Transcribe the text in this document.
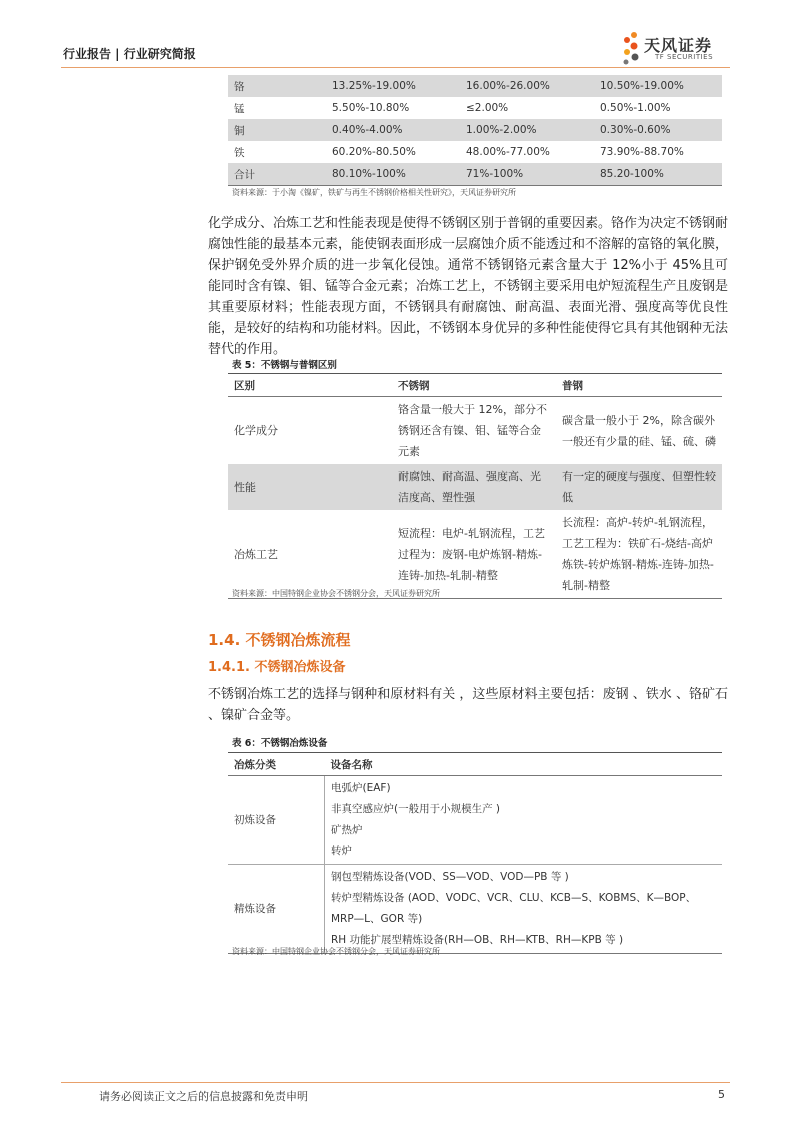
行业报告 | 行业研究简报	天风证券
TF SECURITIES
铬	13.25%-19.00%	16.00%-26.00%	10.50%-19.00%
锰	5.50%-10.80%	≤2.00%	0.50%-1.00%
铜	0.40%-4.00%	1.00%-2.00%	0.30%-0.60%
铁	60.20%-80.50%	48.00%-77.00%	73.90%-88.70%
合计	80.10%-100%	71%-100%	85.20-100%
资料来源：于小淘《镍矿，铁矿与再生不锈钢价格相关性研究》，天风证券研究所

化学成分、冶炼工艺和性能表现是使得不锈钢区别于普钢的重要因素。铬作为决定不锈钢耐腐蚀性能的最基本元素，能使钢表面形成一层腐蚀介质不能透过和不溶解的富铬的氧化膜，保护钢免受外界介质的进一步氧化侵蚀。通常不锈钢铬元素含量大于 12%小于 45%且可能同时含有镍、钼、锰等合金元素；冶炼工艺上，不锈钢主要采用电炉短流程生产且废钢是其重要原材料；性能表现方面，不锈钢具有耐腐蚀、耐高温、表面光滑、强度高等优良性能，是较好的结构和功能材料。因此，不锈钢本身优异的多种性能使得它具有其他钢种无法替代的作用。

表 5：不锈钢与普钢区别
区别	不锈钢	普钢
化学成分	铬含量一般大于 12%，部分不锈钢还含有镍、钼、锰等合金元素	碳含量一般小于 2%，除含碳外一般还有少量的硅、锰、硫、磷
性能	耐腐蚀、耐高温、强度高、光洁度高、塑性强	有一定的硬度与强度、但塑性较低
冶炼工艺	短流程：电炉-轧钢流程，工艺过程为：废钢-电炉炼钢-精炼-连铸-加热-轧制-精整	长流程：高炉-转炉-轧钢流程，工艺工程为：铁矿石-烧结-高炉炼铁-转炉炼钢-精炼-连铸-加热-轧制-精整
资料来源：中国特钢企业协会不锈钢分会，天风证券研究所
1.4. 不锈钢冶炼流程
1.4.1. 不锈钢冶炼设备

不锈钢冶炼工艺的选择与钢种和原材料有关 ，这些原材料主要包括：废钢 、铁水 、铬矿石 、镍矿合金等。

表 6：不锈钢冶炼设备
冶炼分类	设备名称
初炼设备	电弧炉(EAF)
非真空感应炉(一般用于小规模生产 )
矿热炉
转炉

精炼设备	钢包型精炼设备(VOD、SS—VOD、VOD—PB 等 )
转炉型精炼设备 (AOD、VODC、VCR、CLU、KCB—S、KOBMS、K—BOP、MRP—L、GOR 等)
RH 功能扩展型精炼设备(RH—OB、RH—KTB、RH—KPB 等 )
资料来源：中国特钢企业协会不锈钢分会，天风证券研究所
请务必阅读正文之后的信息披露和免责申明	5
